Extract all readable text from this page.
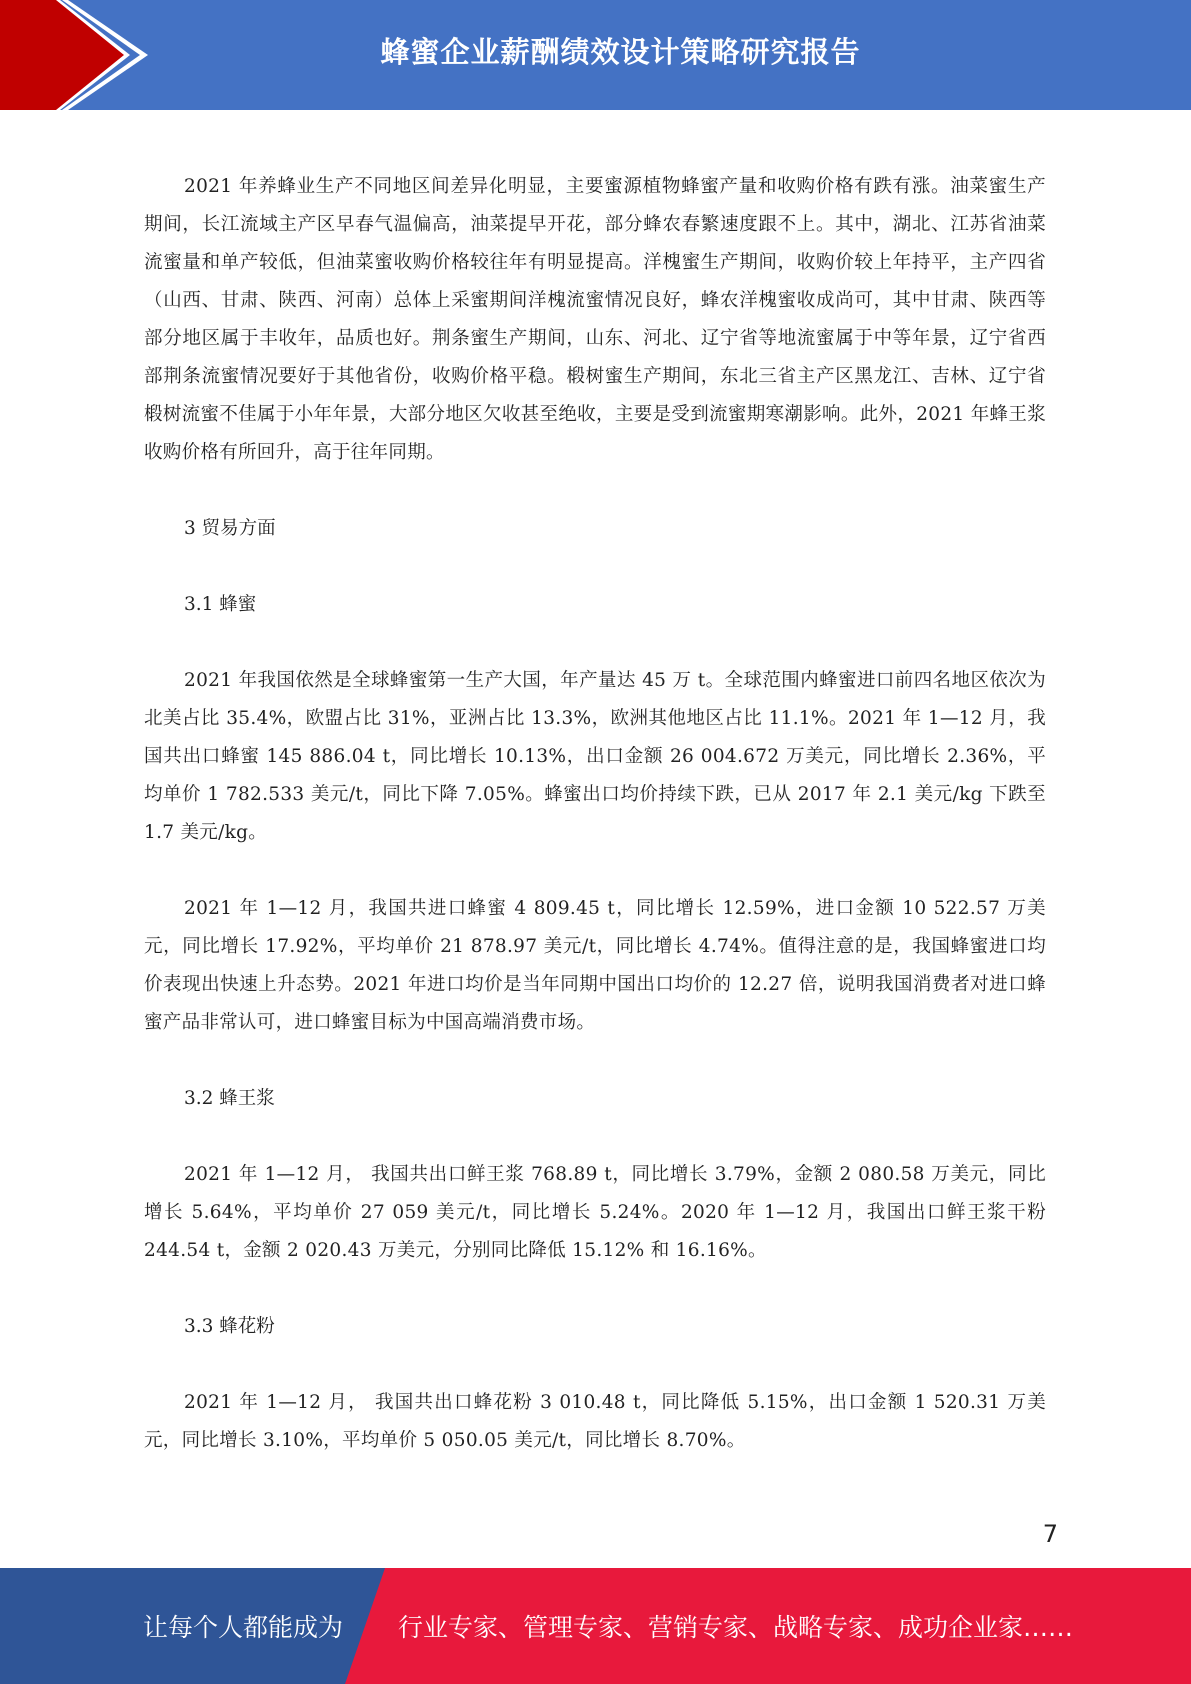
蜂蜜企业薪酬绩效设计策略研究报告

2021 年养蜂业生产不同地区间差异化明显，主要蜜源植物蜂蜜产量和收购价格有跌有涨。油菜蜜生产期间，长江流域主产区早春气温偏高，油菜提早开花，部分蜂农春繁速度跟不上。其中，湖北、江苏省油菜流蜜量和单产较低，但油菜蜜收购价格较往年有明显提高。洋槐蜜生产期间，收购价较上年持平，主产四省（山西、甘肃、陕西、河南）总体上采蜜期间洋槐流蜜情况良好，蜂农洋槐蜜收成尚可，其中甘肃、陕西等部分地区属于丰收年，品质也好。荆条蜜生产期间，山东、河北、辽宁省等地流蜜属于中等年景，辽宁省西部荆条流蜜情况要好于其他省份，收购价格平稳。椴树蜜生产期间，东北三省主产区黑龙江、吉林、辽宁省椴树流蜜不佳属于小年年景，大部分地区欠收甚至绝收，主要是受到流蜜期寒潮影响。此外，2021 年蜂王浆收购价格有所回升，高于往年同期。

3 贸易方面

3.1 蜂蜜

2021 年我国依然是全球蜂蜜第一生产大国，年产量达 45 万 t。全球范围内蜂蜜进口前四名地区依次为北美占比 35.4%，欧盟占比 31%，亚洲占比 13.3%，欧洲其他地区占比 11.1%。2021 年 1—12 月，我国共出口蜂蜜 145 886.04 t，同比增长 10.13%，出口金额 26 004.672 万美元，同比增长 2.36%，平均单价 1 782.533 美元/t，同比下降 7.05%。蜂蜜出口均价持续下跌，已从 2017 年 2.1 美元/kg 下跌至 1.7 美元/kg。

2021 年 1—12 月，我国共进口蜂蜜 4 809.45 t，同比增长 12.59%，进口金额 10 522.57 万美元，同比增长 17.92%，平均单价 21 878.97 美元/t，同比增长 4.74%。值得注意的是，我国蜂蜜进口均价表现出快速上升态势。2021 年进口均价是当年同期中国出口均价的 12.27 倍，说明我国消费者对进口蜂蜜产品非常认可，进口蜂蜜目标为中国高端消费市场。

3.2 蜂王浆

2021 年 1—12 月， 我国共出口鲜王浆 768.89 t，同比增长 3.79%，金额 2 080.58 万美元，同比增长 5.64%，平均单价 27 059 美元/t，同比增长 5.24%。2020 年 1—12 月，我国出口鲜王浆干粉 244.54 t，金额 2 020.43 万美元，分别同比降低 15.12% 和 16.16%。

3.3 蜂花粉

2021 年 1—12 月， 我国共出口蜂花粉 3 010.48 t，同比降低 5.15%，出口金额 1 520.31 万美元，同比增长 3.10%，平均单价 5 050.05 美元/t，同比增长 8.70%。

7
让每个人都能成为 行业专家、管理专家、营销专家、战略专家、成功企业家……
